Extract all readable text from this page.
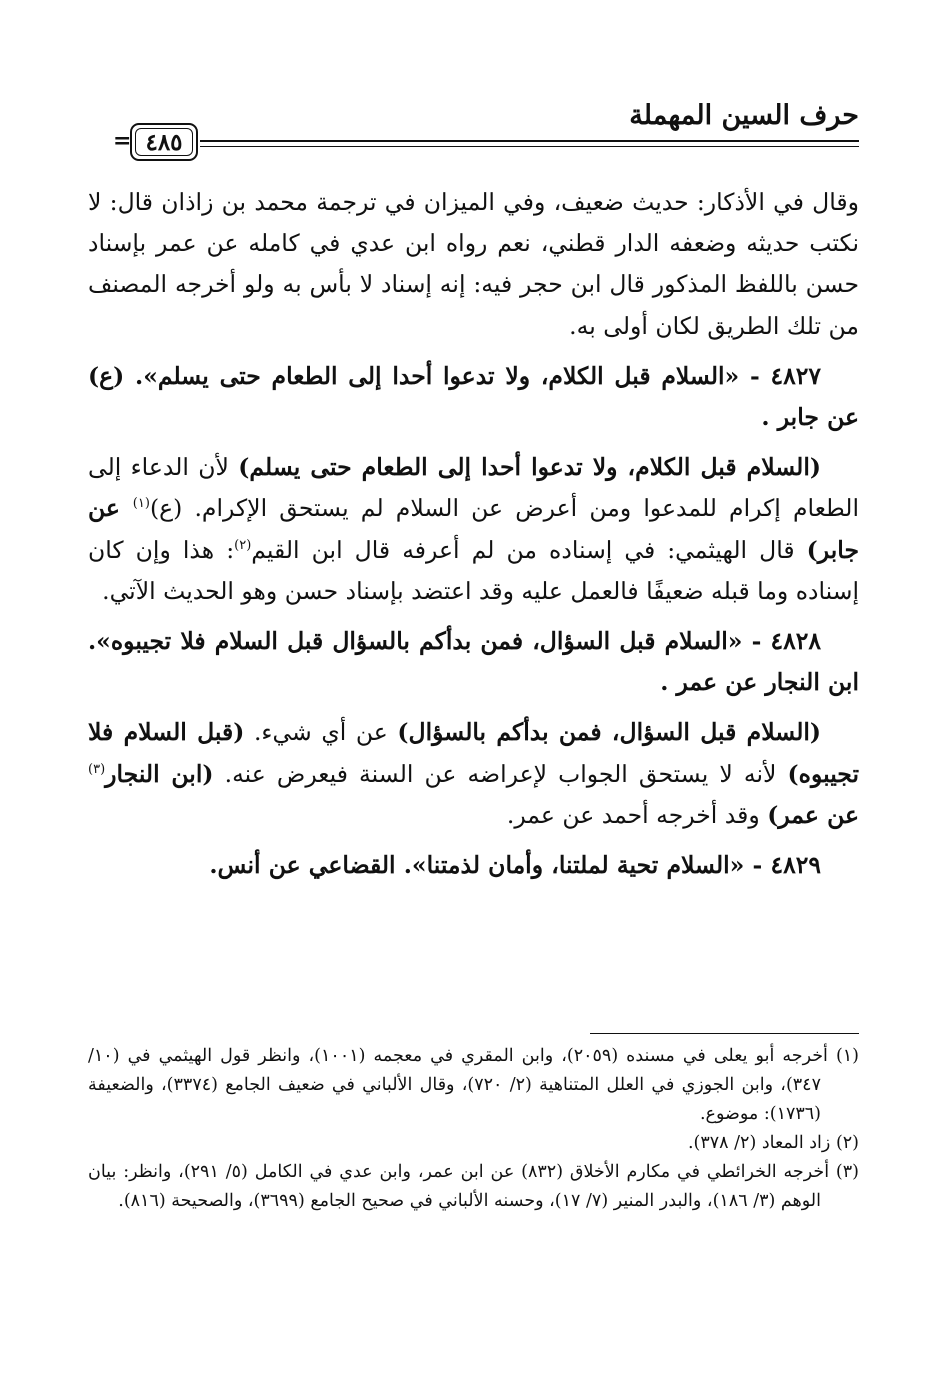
حرف السين المهملة
٤٨٥
=

وقال في الأذكار: حديث ضعيف، وفي الميزان في ترجمة محمد بن زاذان قال: لا نكتب حديثه وضعفه الدار قطني، نعم رواه ابن عدي في كامله عن عمر بإسناد حسن باللفظ المذكور قال ابن حجر فيه: إنه إسناد لا بأس به ولو أخرجه المصنف من تلك الطريق لكان أولى به.

٤٨٢٧ - «السلام قبل الكلام، ولا تدعوا أحدا إلى الطعام حتى يسلم». (ع) عن جابر .

(السلام قبل الكلام، ولا تدعوا أحدا إلى الطعام حتى يسلم) لأن الدعاء إلى الطعام إكرام للمدعوا ومن أعرض عن السلام لم يستحق الإكرام. (ع)$^{(١)}$ عن جابر) قال الهيثمي: في إسناده من لم أعرفه قال ابن القيم$^{(٢)}$: هذا وإن كان إسناده وما قبله ضعيفًا فالعمل عليه وقد اعتضد بإسناد حسن وهو الحديث الآتي.

٤٨٢٨ - «السلام قبل السؤال، فمن بدأكم بالسؤال قبل السلام فلا تجيبوه». ابن النجار عن عمر .

(السلام قبل السؤال، فمن بدأكم بالسؤال) عن أي شيء. (قبل السلام فلا تجيبوه) لأنه لا يستحق الجواب لإعراضه عن السنة فيعرض عنه. (ابن النجار$^{(٣)}$ عن عمر) وقد أخرجه أحمد عن عمر.

٤٨٢٩ - «السلام تحية لملتنا، وأمان لذمتنا». القضاعي عن أنس.

(١) أخرجه أبو يعلى في مسنده (٢٠٥٩)، وابن المقري في معجمه (١٠٠١)، وانظر قول الهيثمي في (١٠/ ٣٤٧)، وابن الجوزي في العلل المتناهية (٢/ ٧٢٠)، وقال الألباني في ضعيف الجامع (٣٣٧٤)، والضعيفة (١٧٣٦): موضوع.

(٢) زاد المعاد (٢/ ٣٧٨).

(٣) أخرجه الخرائطي في مكارم الأخلاق (٨٣٢) عن ابن عمر، وابن عدي في الكامل (٥/ ٢٩١)، وانظر: بيان الوهم (٣/ ١٨٦)، والبدر المنير (٧/ ١٧)، وحسنه الألباني في صحيح الجامع (٣٦٩٩)، والصحيحة (٨١٦).
